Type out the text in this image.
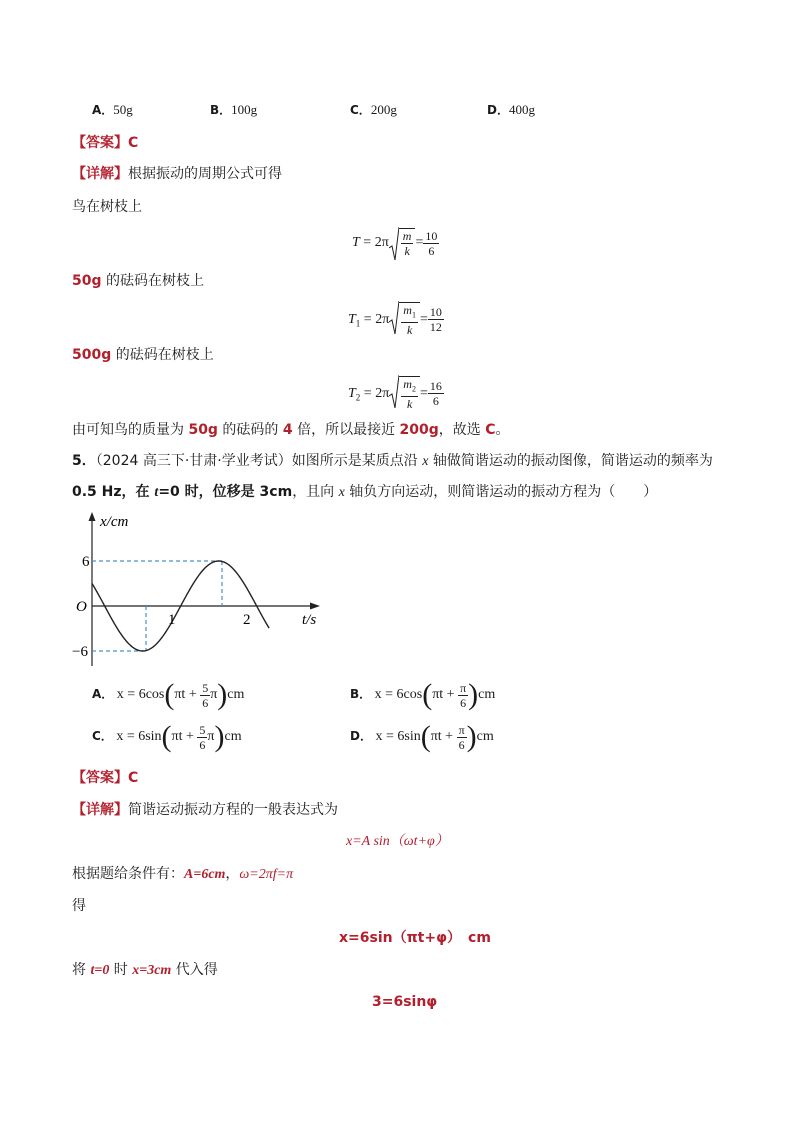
A．50g	B．100g	C．200g	D．400g
【答案】C
【详解】根据振动的周期公式可得
鸟在树枝上
$T = 2\pi \frac{m}{k} = \frac{10}{6}$
50g 的砝码在树枝上
$T_1 = 2\pi \frac{m_1}{k} = \frac{10}{12}$
500g 的砝码在树枝上
$T_2 = 2\pi \frac{m_2}{k} = \frac{16}{6}$
由可知鸟的质量为 50g 的砝码的 4 倍，所以最接近 200g，故选 C。
5．（2024 高三下·甘肃·学业考试）如图所示是某质点沿 x 轴做简谐运动的振动图像，简谐运动的频率为
0.5 Hz，在 t=0 时，位移是 3cm，且向 x 轴负方向运动，则简谐运动的振动方程为（　　）
x/cm
t/s
O
6
−6
1	2
A． $x = 6\cos(\pi t + \frac{5}{6} \pi)cm$	B． $x = 6\cos(\pi t + \frac{\pi}{6} )cm$
C． $x = 6\sin(\pi t + \frac{5}{6} \pi)cm$	D． $x = 6\sin(\pi t + \frac{\pi}{6} )cm$
【答案】C
【详解】简谐运动振动方程的一般表达式为
x=A sin（ωt+φ）
根据题给条件有：A=6cm，ω=2πf=π
得
x=6sin（πt+φ）　cm
将 t=0 时 x=3cm 代入得
3=6sinφ
